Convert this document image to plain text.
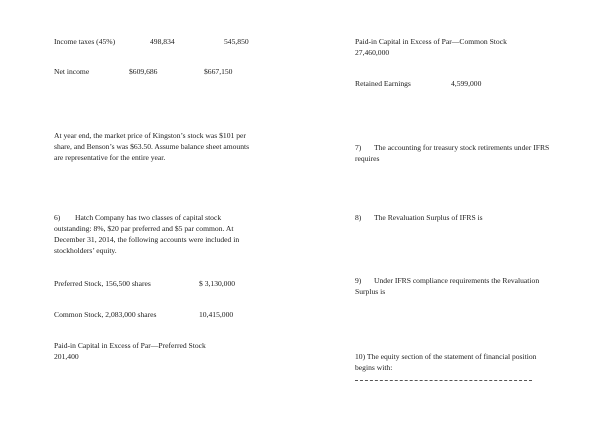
Income taxes (45%)	498,834	545,850
Net income	$609,686	$667,150
At year end, the market price of Kingston’s stock was $101 per
share, and Benson’s was $63.50. Assume balance sheet amounts
are representative for the entire year.
6) Hatch Company has two classes of capital stock
outstanding: 8%, $20 par preferred and $5 par common. At
December 31, 2014, the following accounts were included in
stockholders’ equity.
Preferred Stock, 156,500 shares	$ 3,130,000
Common Stock, 2,083,000 shares	10,415,000
Paid-in Capital in Excess of Par—Preferred Stock
201,400
Paid-in Capital in Excess of Par—Common Stock
27,460,000
Retained Earnings	4,599,000
7) The accounting for treasury stock retirements under IFRS
requires
8) The Revaluation Surplus of IFRS is
9) Under IFRS compliance requirements the Revaluation
Surplus is
10) The equity section of the statement of financial position
begins with:
